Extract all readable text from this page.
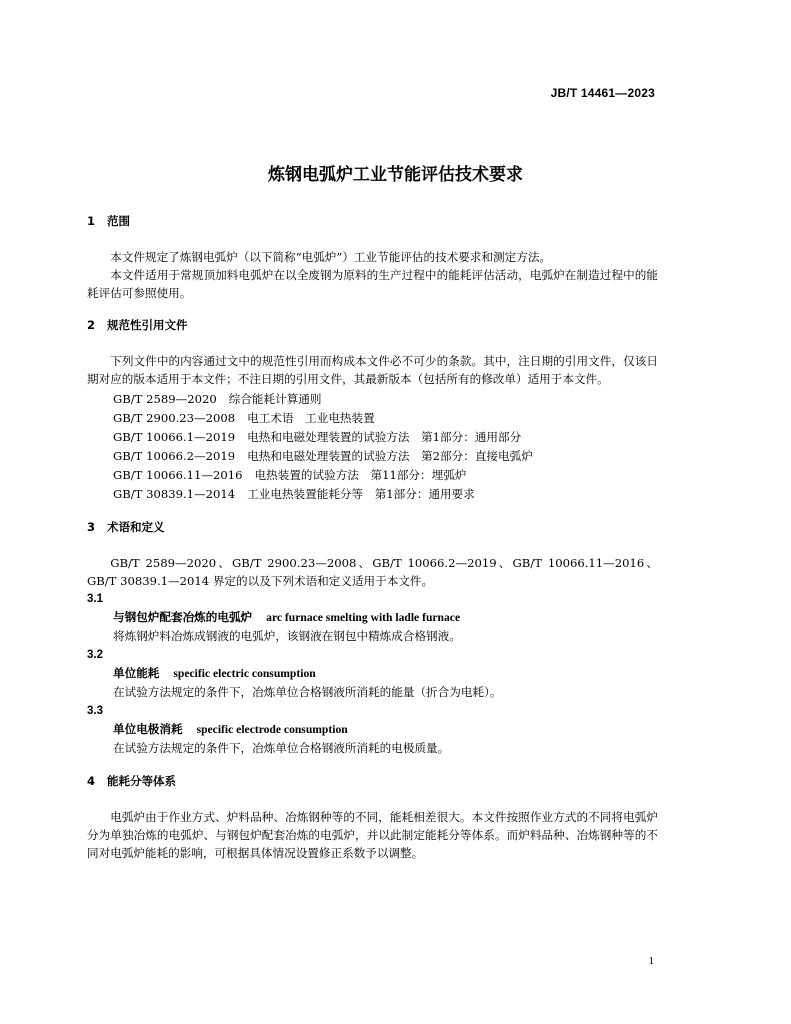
JB/T 14461—2023
炼钢电弧炉工业节能评估技术要求

1 范围

本文件规定了炼钢电弧炉（以下简称“电弧炉”）工业节能评估的技术要求和测定方法。

本文件适用于常规顶加料电弧炉在以全废钢为原料的生产过程中的能耗评估活动，电弧炉在制造过程中的能耗评估可参照使用。

2 规范性引用文件

下列文件中的内容通过文中的规范性引用而构成本文件必不可少的条款。其中，注日期的引用文件，仅该日期对应的版本适用于本文件；不注日期的引用文件，其最新版本（包括所有的修改单）适用于本文件。

GB/T 2589—2020 综合能耗计算通则

GB/T 2900.23—2008 电工术语　工业电热装置

GB/T 10066.1—2019 电热和电磁处理装置的试验方法　第1部分：通用部分

GB/T 10066.2—2019 电热和电磁处理装置的试验方法　第2部分：直接电弧炉

GB/T 10066.11—2016 电热装置的试验方法　第11部分：埋弧炉

GB/T 30839.1—2014 工业电热装置能耗分等　第1部分：通用要求

3 术语和定义

GB/T 2589—2020、GB/T 2900.23—2008、GB/T 10066.2—2019、GB/T 10066.11—2016、GB/T 30839.1—2014 界定的以及下列术语和定义适用于本文件。

3.1

与钢包炉配套冶炼的电弧炉 arc furnace smelting with ladle furnace

将炼钢炉料冶炼成钢液的电弧炉，该钢液在钢包中精炼成合格钢液。

3.2

单位能耗 specific electric consumption

在试验方法规定的条件下，冶炼单位合格钢液所消耗的能量（折合为电耗）。

3.3

单位电极消耗 specific electrode consumption

在试验方法规定的条件下，冶炼单位合格钢液所消耗的电极质量。

4 能耗分等体系

电弧炉由于作业方式、炉料品种、冶炼钢种等的不同，能耗相差很大。本文件按照作业方式的不同将电弧炉分为单独冶炼的电弧炉、与钢包炉配套冶炼的电弧炉，并以此制定能耗分等体系。而炉料品种、冶炼钢种等的不同对电弧炉能耗的影响，可根据具体情况设置修正系数予以调整。

1
